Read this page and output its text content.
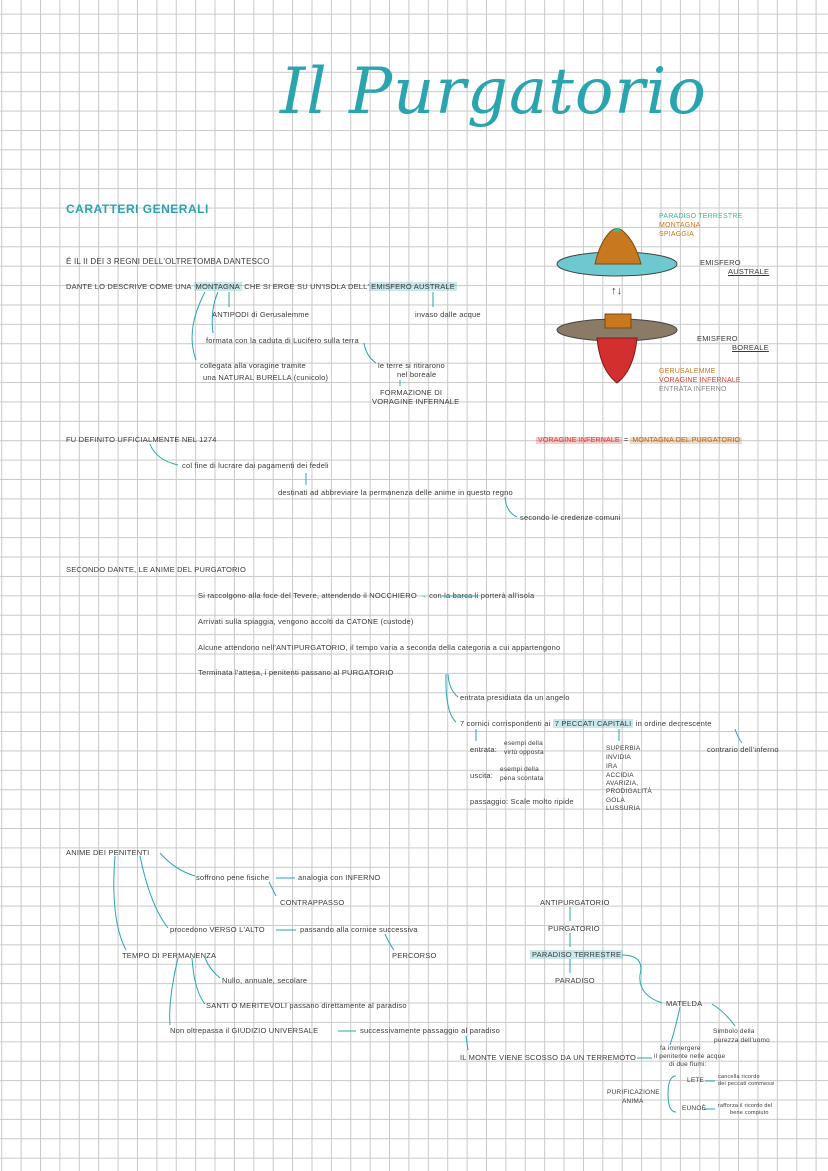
Il Purgatorio
CARATTERI GENERALI
É IL II DEI 3 REGNI DELL'OLTRETOMBA DANTESCO
DANTE LO DESCRIVE COME UNA MONTAGNA CHE SI ERGE SU UN'ISOLA DELL' EMISFERO AUSTRALE
ANTIPODI di Gerusalemme	invaso dalle acque
formata con la caduta di Lucifero sulla terra
collegata alla voragine tramite
una NATURAL BURELLA (cunicolo)
le terre si ritirarono
nel boreale
FORMAZIONE DI
VORAGINE INFERNALE
FU DEFINITO UFFICIALMENTE NEL 1274
col fine di lucrare dai pagamenti dei fedeli
destinati ad abbreviare la permanenza delle anime in questo regno
secondo le credenze comuni
↑↓
PARADISO TERRESTRE
MONTAGNA
SPIAGGIA
EMISFERO
AUSTRALE
EMISFERO
BOREALE
GERUSALEMME
VORAGINE INFERNALE
ENTRATA INFERNO
VORAGINE INFERNALE = MONTAGNA DEL PURGATORIO
SECONDO DANTE, LE ANIME DEL PURGATORIO
Si raccolgono alla foce del Tevere, attendendo il NOCCHIERO → con la barca li porterà all'isola
Arrivati sulla spiaggia, vengono accolti da CATONE (custode)
Alcune attendono nell'ANTIPURGATORIO, il tempo varia a seconda della categoria a cui appartengono
Terminata l'attesa, i penitenti passano al PURGATORIO
entrata presidiata da un angelo
7 cornici corrispondenti ai 7 PECCATI CAPITALI in ordine decrescente
entrata:
esempi della
virtù opposta
uscita:
esempi della
pena scontata
passaggio: Scale molto ripide
contrario dell'inferno
SUPERBIA
INVIDIA
IRA
ACCIDIA
AVARIZIA,
PRODIGALITÀ
GOLA
LUSSURIA
ANIME DEI PENITENTI
soffrono pene fisiche	analogia con INFERNO
CONTRAPPASSO
procedono VERSO L'ALTO	passando alla cornice successiva
PERCORSO
TEMPO DI PERMANENZA
Nullo, annuale, secolare
SANTI O MERITEVOLI passano direttamente al paradiso
Non oltrepassa il GIUDIZIO UNIVERSALE	successivamente passaggio al paradiso
IL MONTE VIENE SCOSSO DA UN TERREMOTO
ANTIPURGATORIO
PURGATORIO
PARADISO TERRESTRE
PARADISO
MATELDA
Simbolo della
purezza dell'uomo
fa immergere
il penitente nelle acque
di due fiumi:
PURIFICAZIONE
ANIMA
LETE	cancella ricordo
dei peccati commessi
EUNOÈ rafforza il ricordo del
bene compiuto
